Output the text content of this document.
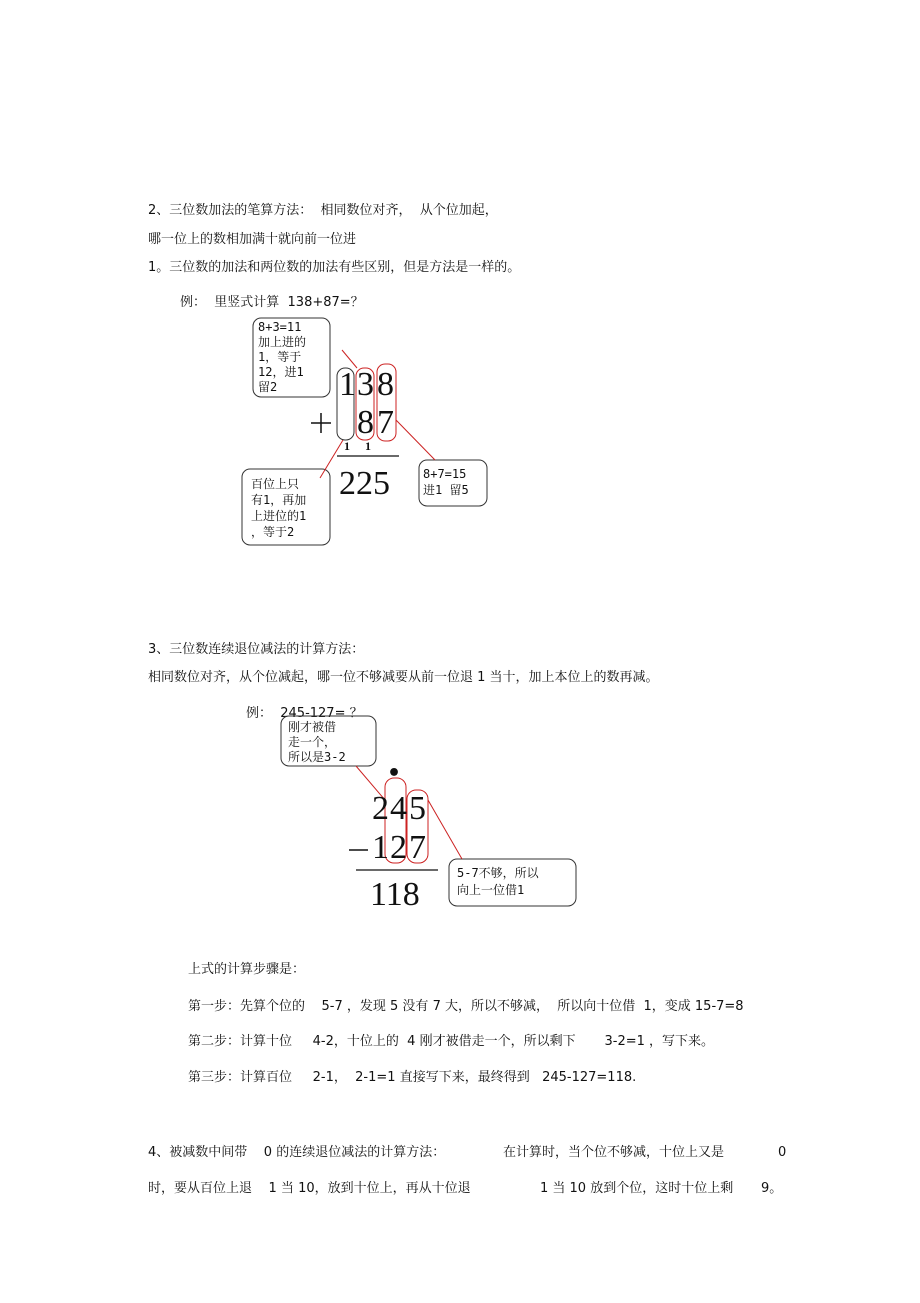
2、三位数加法的笔算方法：  相同数位对齐，  从个位加起，
哪一位上的数相加满十就向前一位进
1。三位数的加法和两位数的加法有些区别，但是方法是一样的。
例：  里竖式计算  138+87=？
8+3=11
加上进的
1，等于
12，进1
留2
百位上只
有1，再加
上进位的1
，等于2
8+7=15
进1 留5
1 3 8
8 7
1 1
225
3、三位数连续退位减法的计算方法：
相同数位对齐，从个位减起，哪一位不够减要从前一位退 1 当十，加上本位上的数再减。
例：  245-127= ？
刚才被借
走一个，
所以是3-2
5-7不够，所以
向上一位借1
•
2 4 5
1 2 7
118
上式的计算步骤是：
第一步：先算个位的    5-7 ，发现 5 没有 7 大，所以不够减，  所以向十位借  1，变成 15-7=8
第二步：计算十位     4-2，十位上的  4 刚才被借走一个，所以剩下       3-2=1 ，写下来。
第三步：计算百位     2-1，  2-1=1 直接写下来，最终得到   245-127=118.
4、被减数中间带    0 的连续退位减法的计算方法：	在计算时，当个位不够减，十位上又是	0
时，要从百位上退    1 当 10，放到十位上，再从十位退	1 当 10 放到个位，这时十位上剩 9。
